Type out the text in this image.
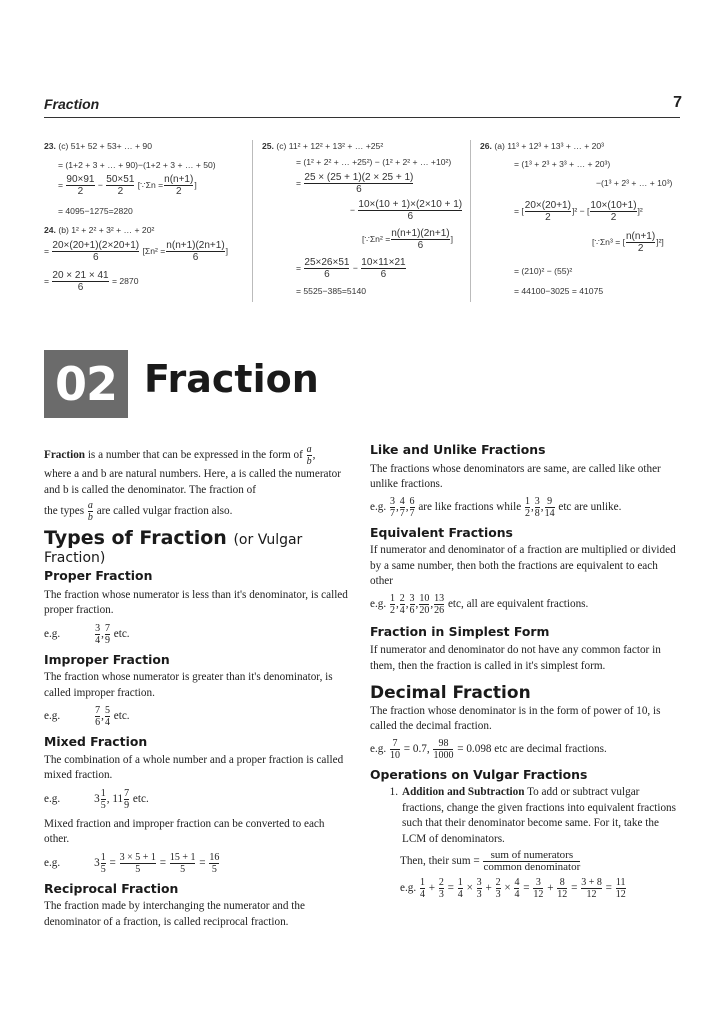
Fraction	7
23. (c) 51+ 52 + 53+ … + 90
= (1+2 + 3 + … + 90)−(1+2 + 3 + … + 50)
= $\frac{90\times 91}{2} - \frac{50\times 51}{2}$ [∵Σn = $\frac{n(n+1)}{2}$ ]
= 4095−1275=2820
24. (b) 1² + 2² + 3² + … + 20²
= $\frac{20\times(20+1)(2\times 20+1)}{6} [\Sigma n^2 = \frac{n(n+1)(2n+1)}{6}$ ]
= $\frac{20 \times 21 \times 41}{6} = 2870$
25. (c) 11² + 12² + 13² + … +25²
= (1² + 2² + … +25²) − (1² + 2² + … +10²)
= $\frac{25 \times (25 + 1)(2 \times 25 + 1)}{6}$
− $\frac{10\times(10 + 1)\times(2\times 10 + 1)}{6}$
[∵Σn² = $\frac{n(n+1)(2n+1)}{6}$ ]
= $\frac{25\times 26\times 51}{6} - \frac{10\times 11\times 21}{6}$
= 5525−385=5140
26. (a) 11³ + 12³ + 13³ + … + 20³
= (1³ + 2³ + 3³ + … + 20³)
−(1³ + 2³ + … + 10³)
= [ $\frac{20\times(20+1)}{2} ]^2$ − [ $\frac{10\times(10+1)}{2} ]^2$
[∵Σn³ = [ $\frac{n(n+1)}{2} ]^2$]
= (210)² − (55)²
= 44100−3025 = 41075
02 Fraction

Fraction is a number that can be expressed in the form of $\frac{a}{b}$ ,

where a and b are natural numbers. Here, a is called the numerator and b is called the denominator. The fraction of

the types $\frac{a}{b}$ are called vulgar fraction also.

Types of Fraction (or Vulgar Fraction)
Proper Fraction

The fraction whose numerator is less than it's denominator, is called proper fraction.

e.g.	$\frac{3}{4}$ , $\frac{7}{9}$ etc.

Improper Fraction

The fraction whose numerator is greater than it's denominator, is called improper fraction.

e.g.	$\frac{7}{6}$ , $\frac{5}{4}$ etc.

Mixed Fraction

The combination of a whole number and a proper fraction is called mixed fraction.

e.g.	$3 \frac{1}{5}$ , $11 \frac{7}{9}$ etc.

Mixed fraction and improper fraction can be converted to each other.

e.g.	$3 \frac{1}{5} = \frac{3 \times 5 + 1}{5} = \frac{15 + 1}{5} = \frac{16}{5}$

Reciprocal Fraction

The fraction made by interchanging the numerator and the denominator of a fraction, is called reciprocal fraction.

Like and Unlike Fractions

The fractions whose denominators are same, are called like other unlike fractions.

e.g. $\frac{3}{7}$ , $\frac{4}{7}$ , $\frac{6}{7}$ are like fractions while $\frac{1}{2}$ , $\frac{3}{8}$ , $\frac{9}{14}$ etc are unlike.

Equivalent Fractions

If numerator and denominator of a fraction are multiplied or divided by a same number, then both the fractions are equivalent to each other

e.g. $\frac{1}{2}$ , $\frac{2}{4}$ , $\frac{3}{6}$ , $\frac{10}{20}$ , $\frac{13}{26}$ etc, all are equivalent fractions.

Fraction in Simplest Form

If numerator and denominator do not have any common factor in them, then the fraction is called in it's simplest form.

Decimal Fraction

The fraction whose denominator is in the form of power of 10, is called the decimal fraction.

e.g. $\frac{7}{10} = 0.7$, $\frac{98}{1000} = 0.098$ etc are decimal fractions.

Operations on Vulgar Fractions
1. Addition and Subtraction To add or subtract vulgar fractions, change the given fractions into equivalent fractions such that their denominator become same. For it, take the LCM of denominators.

Then, their sum = $\frac{\text{sum of numerators}}{\text{common denominator}}$

e.g. $\frac{1}{4} + \frac{2}{3} = \frac{1}{4} \times \frac{3}{3} + \frac{2}{3} \times \frac{4}{4} = \frac{3}{12} + \frac{8}{12} = \frac{3 + 8}{12} = \frac{11}{12}$
